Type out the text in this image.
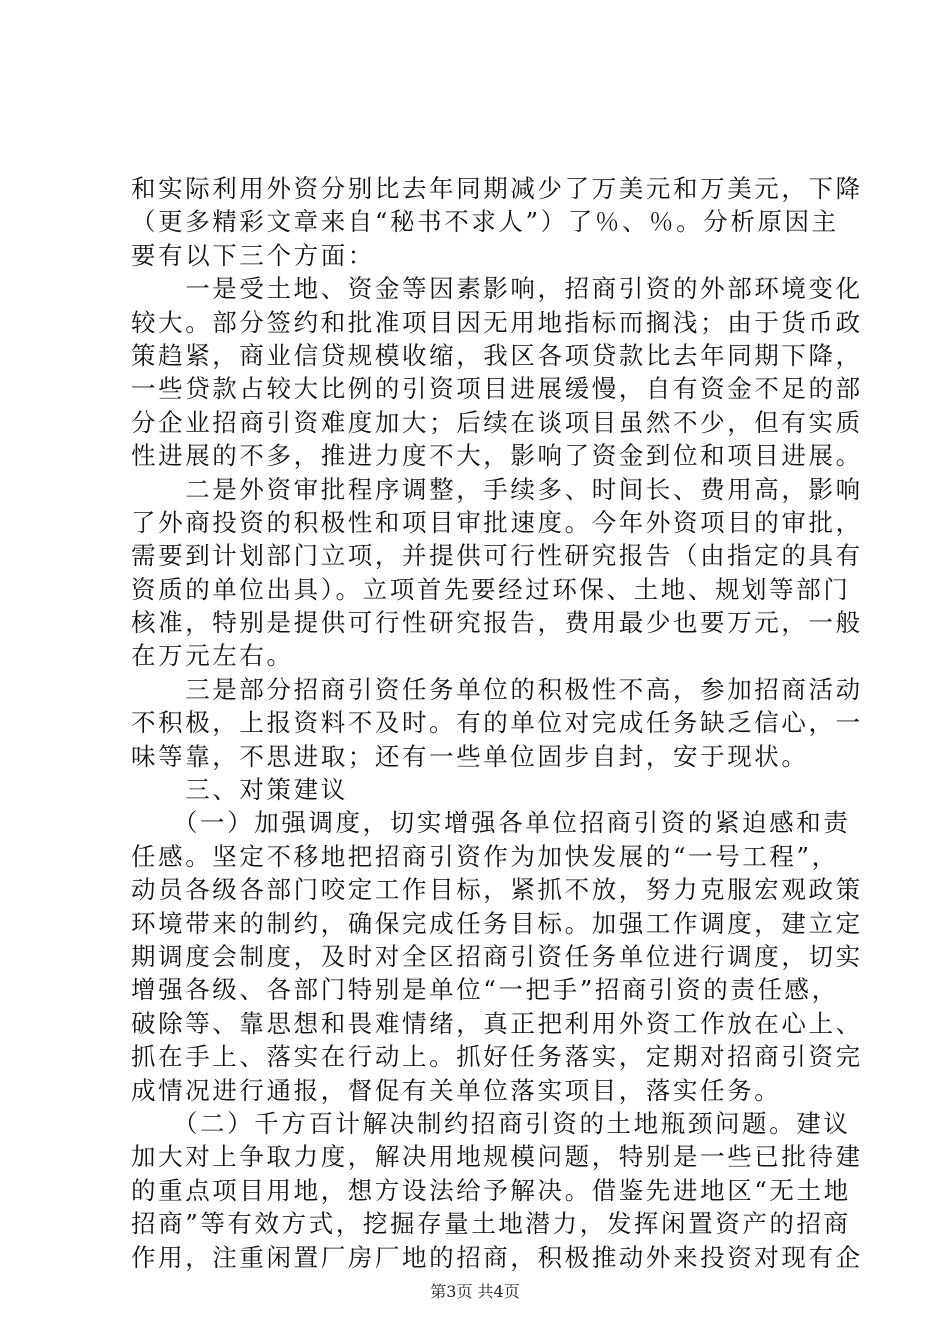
和实际利用外资分别比去年同期减少了万美元和万美元，下降
（更多精彩文章来自“秘书不求人”）了％、％。分析原因主
要有以下三个方面：
　　一是受土地、资金等因素影响，招商引资的外部环境变化
较大。部分签约和批准项目因无用地指标而搁浅；由于货币政
策趋紧，商业信贷规模收缩，我区各项贷款比去年同期下降，
一些贷款占较大比例的引资项目进展缓慢，自有资金不足的部
分企业招商引资难度加大；后续在谈项目虽然不少，但有实质
性进展的不多，推进力度不大，影响了资金到位和项目进展。
　　二是外资审批程序调整，手续多、时间长、费用高，影响
了外商投资的积极性和项目审批速度。今年外资项目的审批，
需要到计划部门立项，并提供可行性研究报告（由指定的具有
资质的单位出具）。立项首先要经过环保、土地、规划等部门
核准，特别是提供可行性研究报告，费用最少也要万元，一般
在万元左右。
　　三是部分招商引资任务单位的积极性不高，参加招商活动
不积极，上报资料不及时。有的单位对完成任务缺乏信心，一
味等靠，不思进取；还有一些单位固步自封，安于现状。
　　三、对策建议
　　（一）加强调度，切实增强各单位招商引资的紧迫感和责
任感。坚定不移地把招商引资作为加快发展的“一号工程”，
动员各级各部门咬定工作目标，紧抓不放，努力克服宏观政策
环境带来的制约，确保完成任务目标。加强工作调度，建立定
期调度会制度，及时对全区招商引资任务单位进行调度，切实
增强各级、各部门特别是单位“一把手”招商引资的责任感，
破除等、靠思想和畏难情绪，真正把利用外资工作放在心上、
抓在手上、落实在行动上。抓好任务落实，定期对招商引资完
成情况进行通报，督促有关单位落实项目，落实任务。
　　（二）千方百计解决制约招商引资的土地瓶颈问题。建议
加大对上争取力度，解决用地规模问题，特别是一些已批待建
的重点项目用地，想方设法给予解决。借鉴先进地区“无土地
招商”等有效方式，挖掘存量土地潜力，发挥闲置资产的招商
作用，注重闲置厂房厂地的招商，积极推动外来投资对现有企
第3页 共4页
